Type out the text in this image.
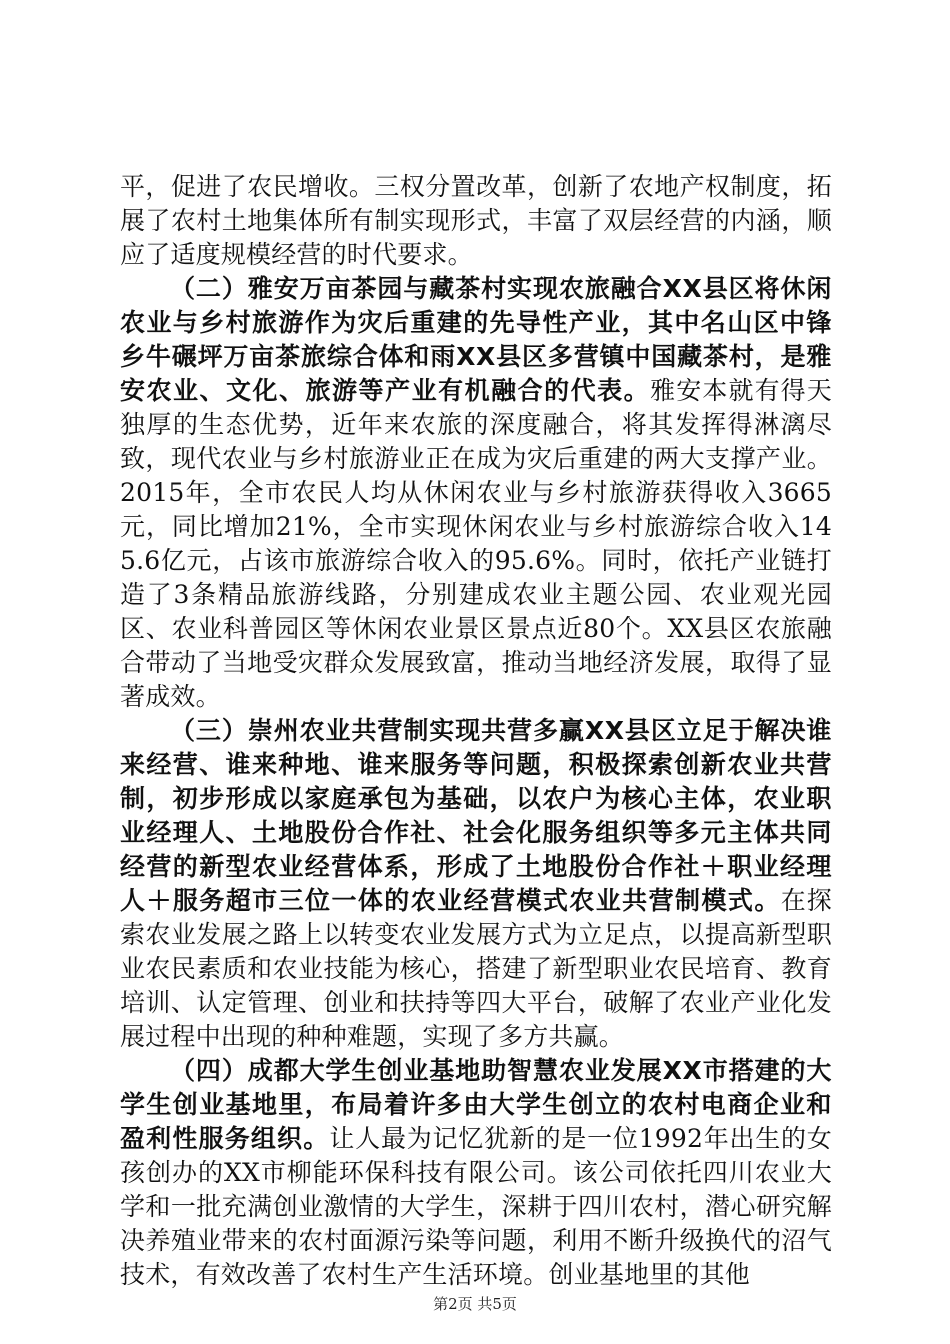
平，促进了农民增收。三权分置改革，创新了农地产权制度，拓展了农村土地集体所有制实现形式，丰富了双层经营的内涵，顺应了适度规模经营的时代要求。

（二）雅安万亩茶园与藏茶村实现农旅融合XX县区将休闲农业与乡村旅游作为灾后重建的先导性产业，其中名山区中锋乡牛碾坪万亩茶旅综合体和雨XX县区多营镇中国藏茶村，是雅安农业、文化、旅游等产业有机融合的代表。雅安本就有得天独厚的生态优势，近年来农旅的深度融合，将其发挥得淋漓尽致，现代农业与乡村旅游业正在成为灾后重建的两大支撑产业。2015年，全市农民人均从休闲农业与乡村旅游获得收入3665元，同比增加21%，全市实现休闲农业与乡村旅游综合收入145.6亿元，占该市旅游综合收入的95.6%。同时，依托产业链打造了3条精品旅游线路，分别建成农业主题公园、农业观光园区、农业科普园区等休闲农业景区景点近80个。XX县区农旅融合带动了当地受灾群众发展致富，推动当地经济发展，取得了显著成效。

（三）崇州农业共营制实现共营多赢XX县区立足于解决谁来经营、谁来种地、谁来服务等问题，积极探索创新农业共营制，初步形成以家庭承包为基础，以农户为核心主体，农业职业经理人、土地股份合作社、社会化服务组织等多元主体共同经营的新型农业经营体系，形成了土地股份合作社＋职业经理人＋服务超市三位一体的农业经营模式农业共营制模式。在探索农业发展之路上以转变农业发展方式为立足点，以提高新型职业农民素质和农业技能为核心，搭建了新型职业农民培育、教育培训、认定管理、创业和扶持等四大平台，破解了农业产业化发展过程中出现的种种难题，实现了多方共赢。

（四）成都大学生创业基地助智慧农业发展XX市搭建的大学生创业基地里，布局着许多由大学生创立的农村电商企业和盈利性服务组织。让人最为记忆犹新的是一位1992年出生的女孩创办的XX市柳能环保科技有限公司。该公司依托四川农业大学和一批充满创业激情的大学生，深耕于四川农村，潜心研究解决养殖业带来的农村面源污染等问题，利用不断升级换代的沼气技术，有效改善了农村生产生活环境。创业基地里的其他

第2页 共5页
